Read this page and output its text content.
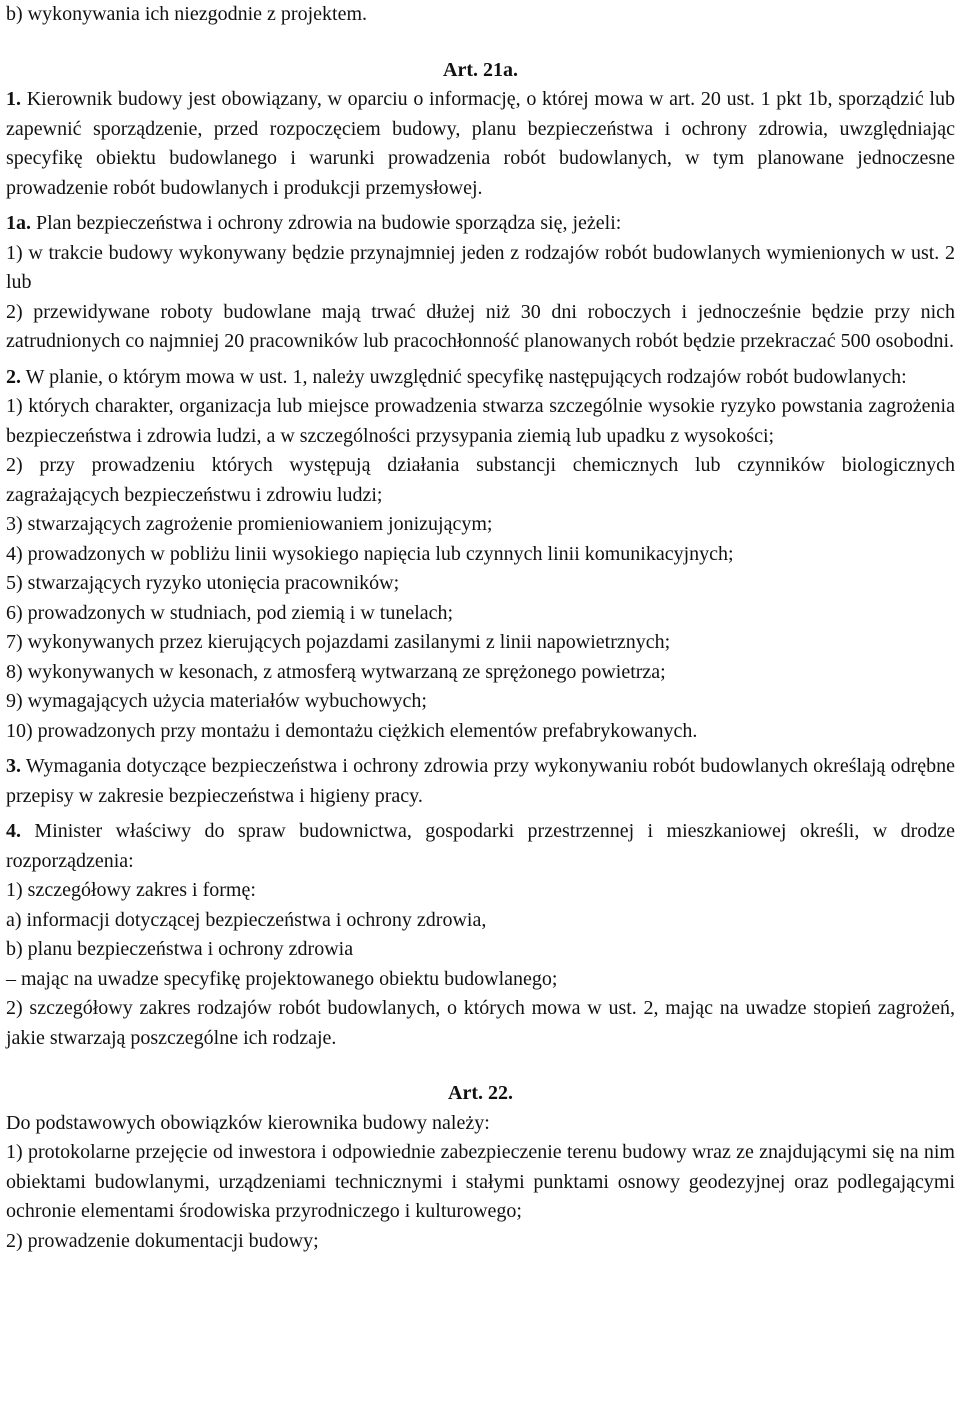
b) wykonywania ich niezgodnie z projektem.

Art. 21a.

1. Kierownik budowy jest obowiązany, w oparciu o informację, o której mowa w art. 20 ust. 1 pkt 1b, sporządzić lub zapewnić sporządzenie, przed rozpoczęciem budowy, planu bezpieczeństwa i ochrony zdrowia, uwzględniając specyfikę obiektu budowlanego i warunki prowadzenia robót budowlanych, w tym planowane jednoczesne prowadzenie robót budowlanych i produkcji przemysłowej.

1a. Plan bezpieczeństwa i ochrony zdrowia na budowie sporządza się, jeżeli:

1) w trakcie budowy wykonywany będzie przynajmniej jeden z rodzajów robót budowlanych wymienionych w ust. 2 lub

2) przewidywane roboty budowlane mają trwać dłużej niż 30 dni roboczych i jednocześnie będzie przy nich zatrudnionych co najmniej 20 pracowników lub pracochłonność planowanych robót będzie przekraczać 500 osobodni.

2. W planie, o którym mowa w ust. 1, należy uwzględnić specyfikę następujących rodzajów robót budowlanych:

1) których charakter, organizacja lub miejsce prowadzenia stwarza szczególnie wysokie ryzyko powstania zagrożenia bezpieczeństwa i zdrowia ludzi, a w szczególności przysypania ziemią lub upadku z wysokości;

2) przy prowadzeniu których występują działania substancji chemicznych lub czynników biologicznych zagrażających bezpieczeństwu i zdrowiu ludzi;

3) stwarzających zagrożenie promieniowaniem jonizującym;

4) prowadzonych w pobliżu linii wysokiego napięcia lub czynnych linii komunikacyjnych;

5) stwarzających ryzyko utonięcia pracowników;

6) prowadzonych w studniach, pod ziemią i w tunelach;

7) wykonywanych przez kierujących pojazdami zasilanymi z linii napowietrznych;

8) wykonywanych w kesonach, z atmosferą wytwarzaną ze sprężonego powietrza;

9) wymagających użycia materiałów wybuchowych;

10) prowadzonych przy montażu i demontażu ciężkich elementów prefabrykowanych.

3. Wymagania dotyczące bezpieczeństwa i ochrony zdrowia przy wykonywaniu robót budowlanych określają odrębne przepisy w zakresie bezpieczeństwa i higieny pracy.

4. Minister właściwy do spraw budownictwa, gospodarki przestrzennej i mieszkaniowej określi, w drodze rozporządzenia:

1) szczegółowy zakres i formę:

a) informacji dotyczącej bezpieczeństwa i ochrony zdrowia,

b) planu bezpieczeństwa i ochrony zdrowia

– mając na uwadze specyfikę projektowanego obiektu budowlanego;

2) szczegółowy zakres rodzajów robót budowlanych, o których mowa w ust. 2, mając na uwadze stopień zagrożeń, jakie stwarzają poszczególne ich rodzaje.

Art. 22.

Do podstawowych obowiązków kierownika budowy należy:

1) protokolarne przejęcie od inwestora i odpowiednie zabezpieczenie terenu budowy wraz ze znajdującymi się na nim obiektami budowlanymi, urządzeniami technicznymi i stałymi punktami osnowy geodezyjnej oraz podlegającymi ochronie elementami środowiska przyrodniczego i kulturowego;

2) prowadzenie dokumentacji budowy;
